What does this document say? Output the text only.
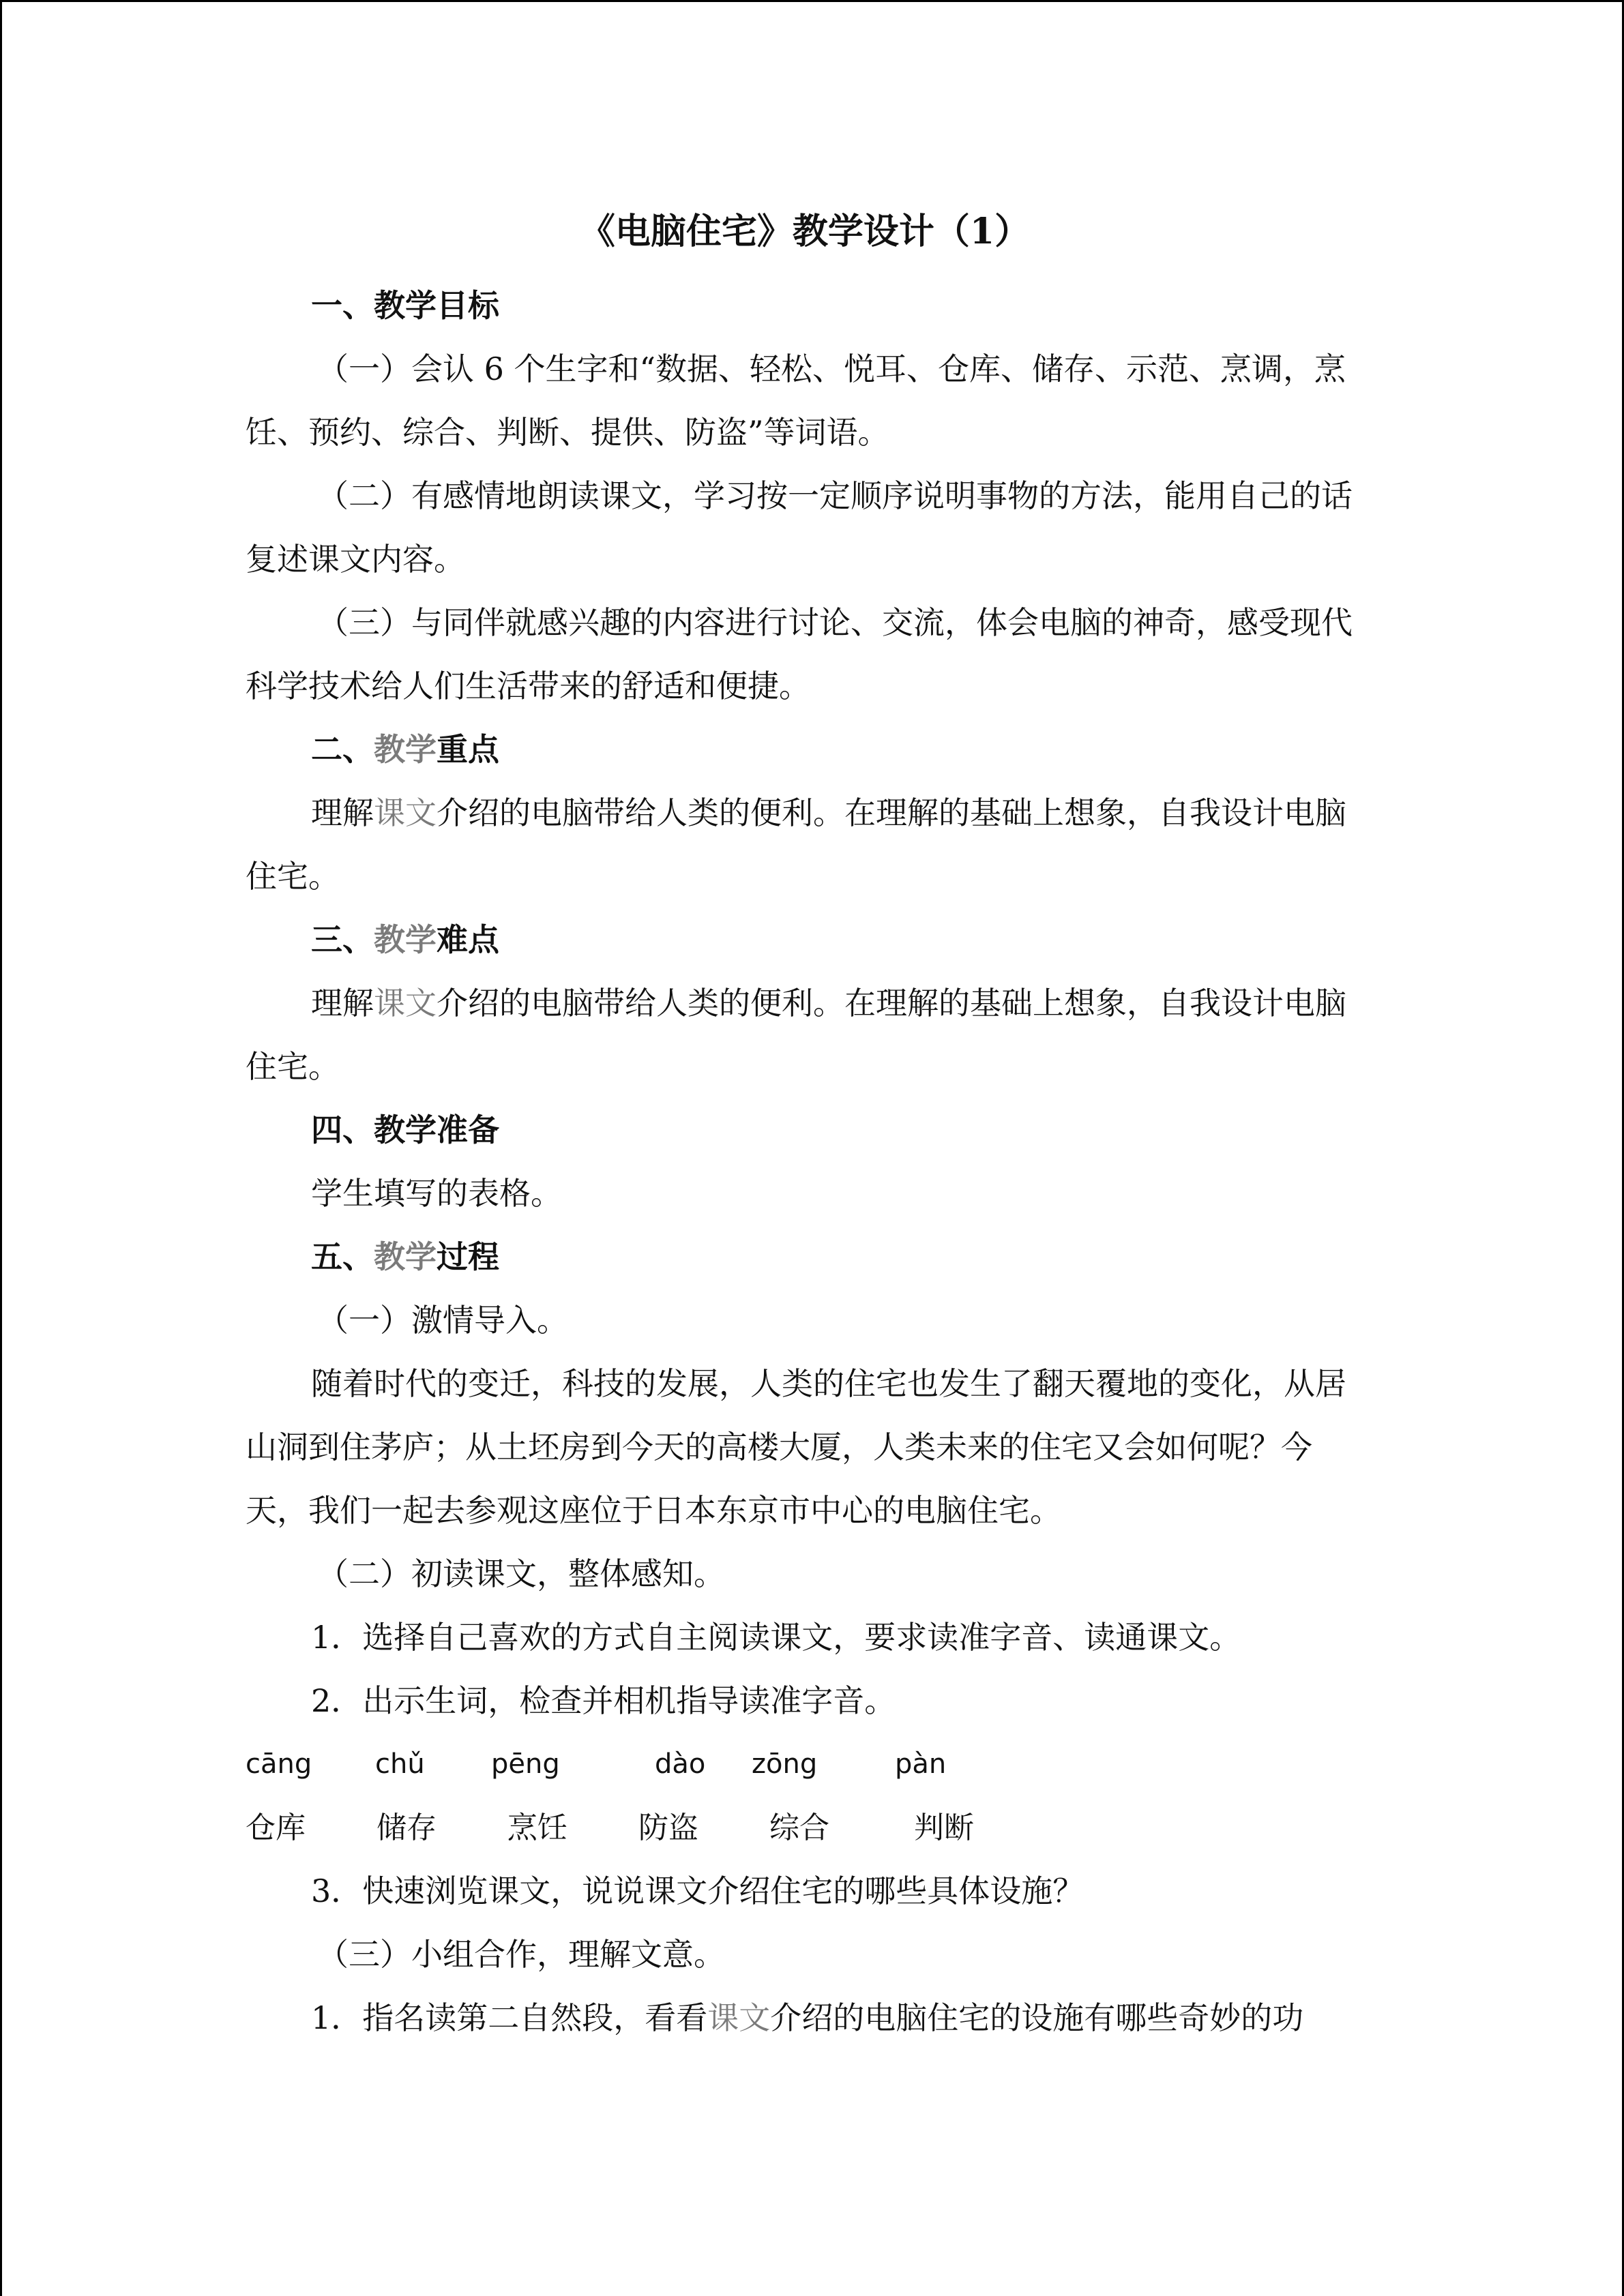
《电脑住宅》教学设计（1）

一、教学目标

（一）会认 6 个生字和“数据、轻松、悦耳、仓库、储存、示范、烹调，烹饪、预约、综合、判断、提供、防盗”等词语。

（二）有感情地朗读课文，学习按一定顺序说明事物的方法，能用自己的话复述课文内容。

（三）与同伴就感兴趣的内容进行讨论、交流，体会电脑的神奇，感受现代科学技术给人们生活带来的舒适和便捷。

二、教学重点

理解课文介绍的电脑带给人类的便利。在理解的基础上想象，自我设计电脑住宅。

三、教学难点

理解课文介绍的电脑带给人类的便利。在理解的基础上想象，自我设计电脑住宅。

四、教学准备

学生填写的表格。

五、教学过程

（一）激情导入。

随着时代的变迁，科技的发展，人类的住宅也发生了翻天覆地的变化，从居山洞到住茅庐；从土坯房到今天的高楼大厦，人类未来的住宅又会如何呢？今天，我们一起去参观这座位于日本东京市中心的电脑住宅。

（二）初读课文，整体感知。

1．选择自己喜欢的方式自主阅读课文，要求读准字音、读通课文。

2．出示生词，检查并相机指导读准字音。

cāng	chǔ	pēng	dào	zōng	pàn
仓库	储存	烹饪	防盗	综合	判断

3．快速浏览课文，说说课文介绍住宅的哪些具体设施？

（三）小组合作，理解文意。

1．指名读第二自然段，看看课文介绍的电脑住宅的设施有哪些奇妙的功
